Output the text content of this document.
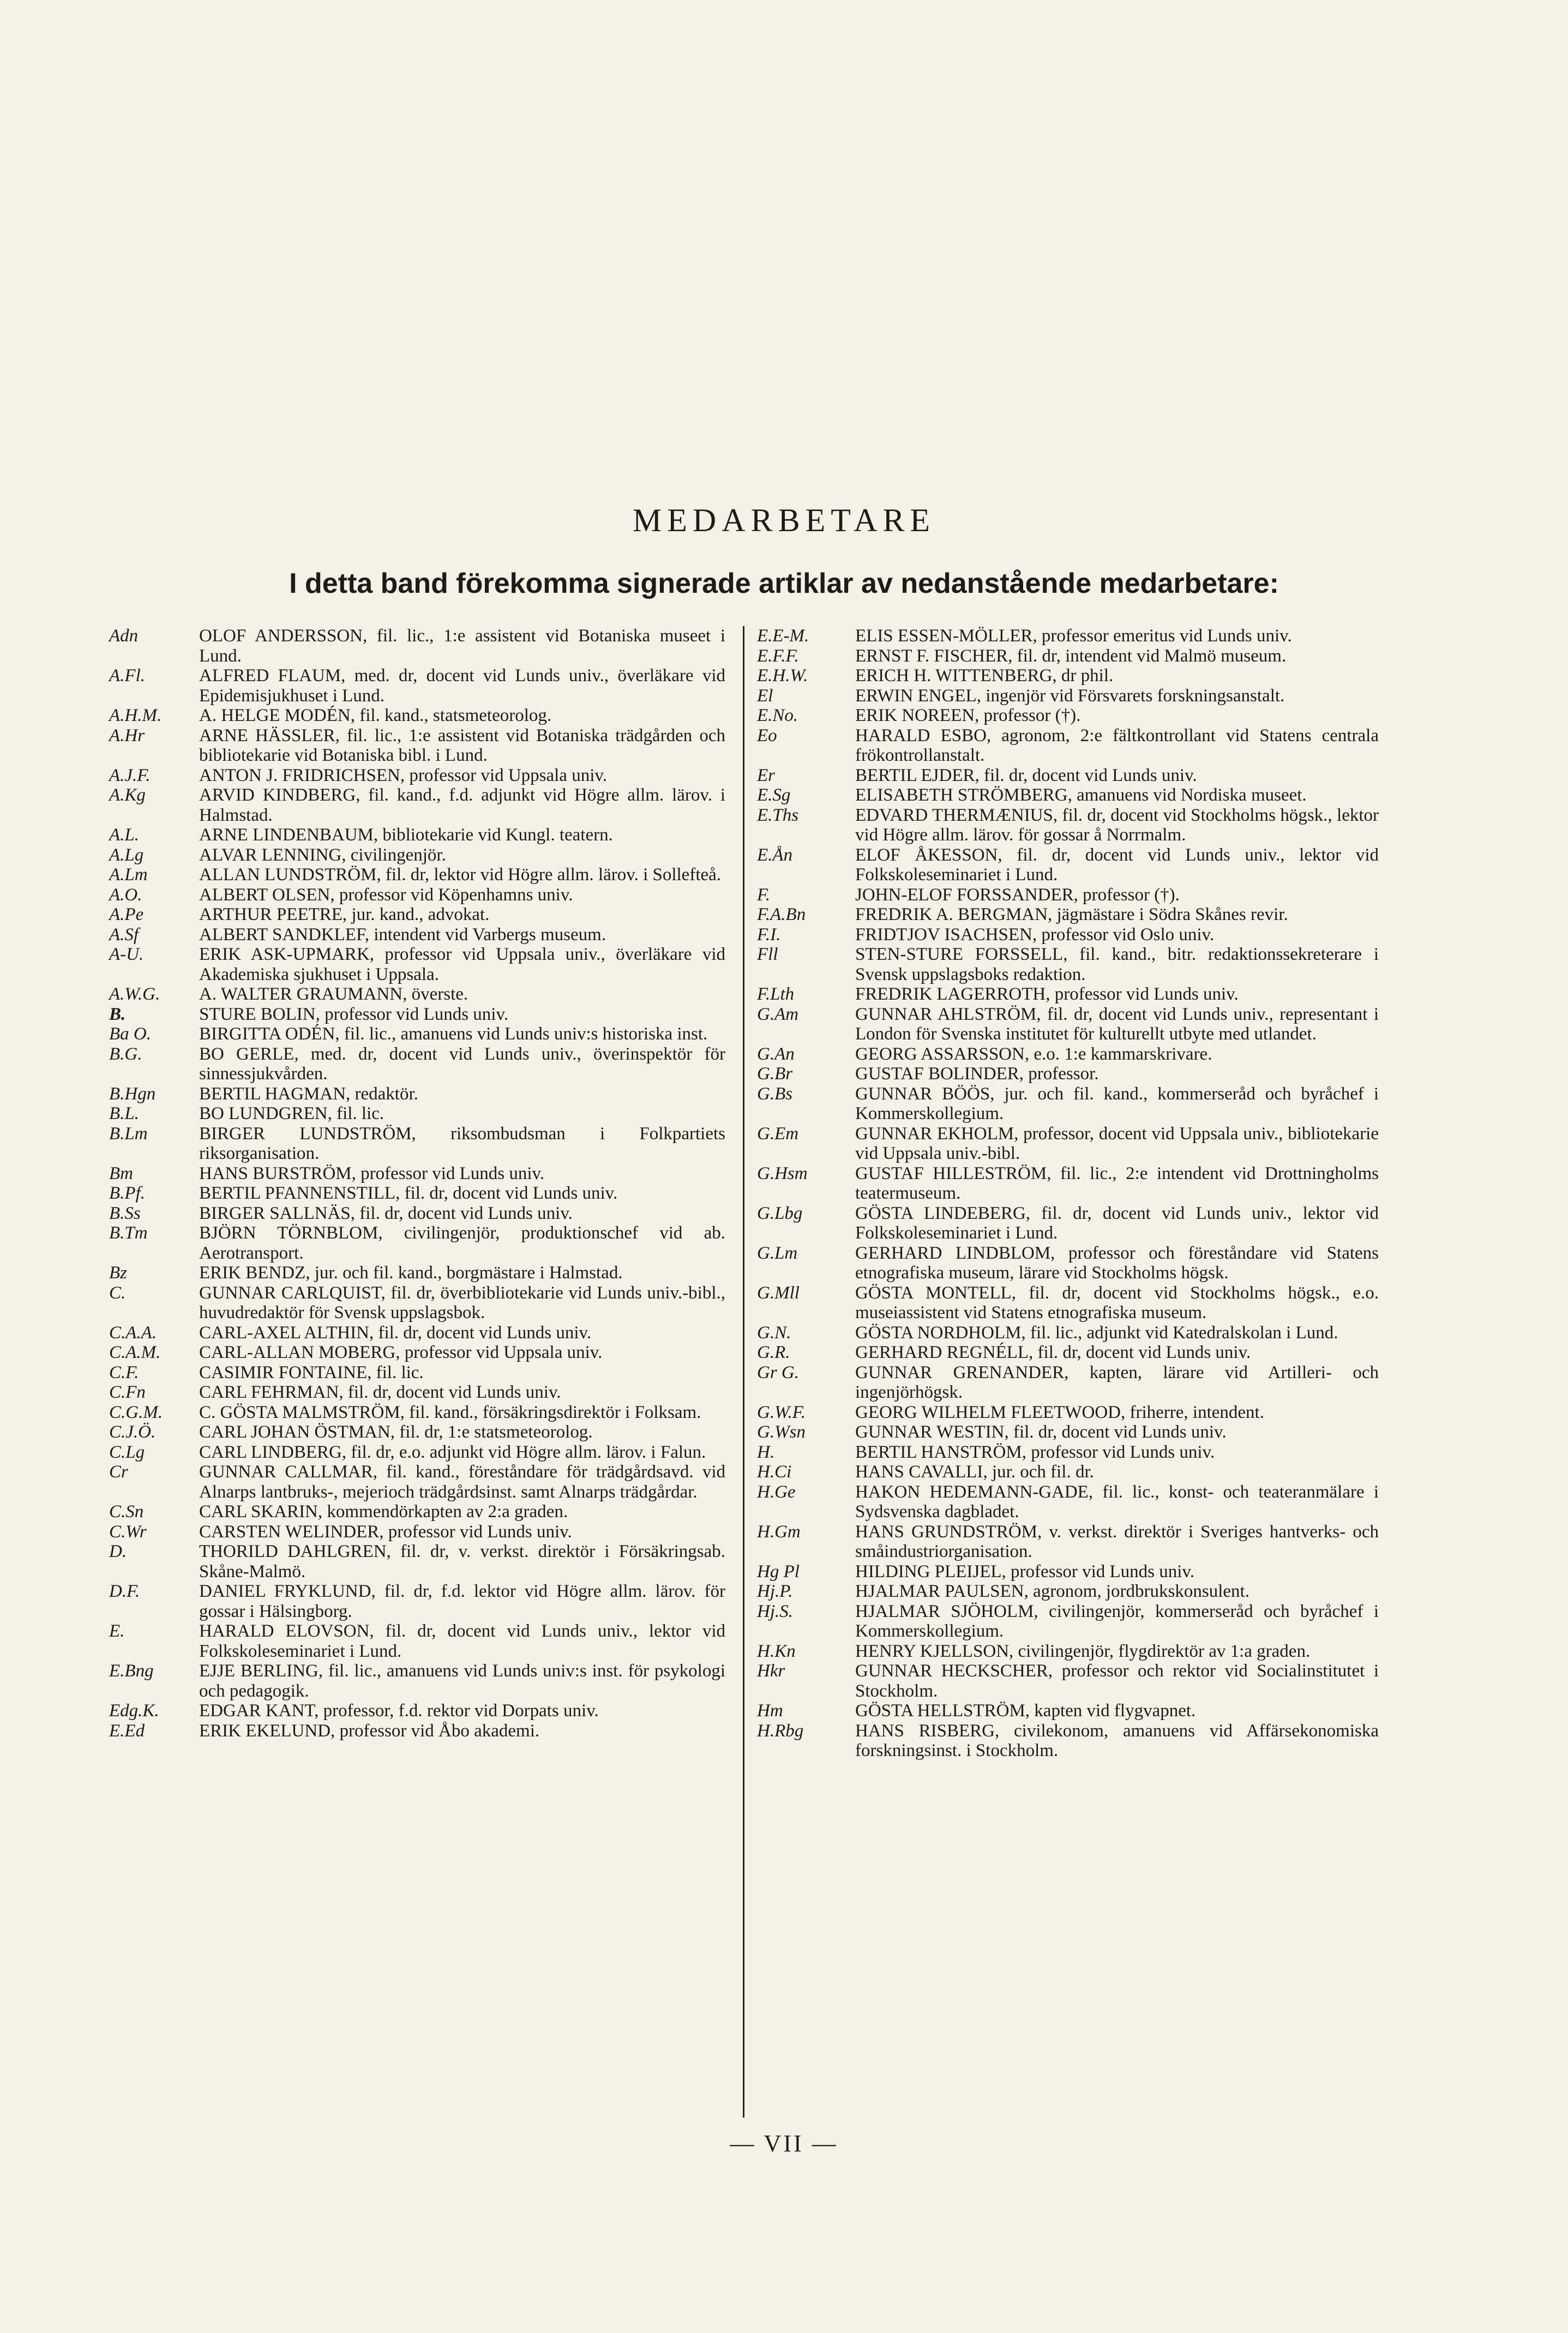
MEDARBETARE
I detta band förekomma signerade artiklar av nedanstående medarbetare:
Adn	OLOF ANDERSSON, fil. lic., 1:e assistent vid Botaniska museet i Lund.
A.Fl.	ALFRED FLAUM, med. dr, docent vid Lunds univ., överläkare vid Epidemisjukhuset i Lund.
A.H.M.	A. HELGE MODÉN, fil. kand., statsmeteorolog.
A.Hr	ARNE HÄSSLER, fil. lic., 1:e assistent vid Botaniska trädgården och bibliotekarie vid Botaniska bibl. i Lund.
A.J.F.	ANTON J. FRIDRICHSEN, professor vid Uppsala univ.
A.Kg	ARVID KINDBERG, fil. kand., f.d. adjunkt vid Högre allm. lärov. i Halmstad.
A.L.	ARNE LINDENBAUM, bibliotekarie vid Kungl. teatern.
A.Lg	ALVAR LENNING, civilingenjör.
A.Lm	ALLAN LUNDSTRÖM, fil. dr, lektor vid Högre allm. lärov. i Sollefteå.
A.O.	ALBERT OLSEN, professor vid Köpenhamns univ.
A.Pe	ARTHUR PEETRE, jur. kand., advokat.
A.Sf	ALBERT SANDKLEF, intendent vid Varbergs museum.
A-U.	ERIK ASK-UPMARK, professor vid Uppsala univ., överläkare vid Akademiska sjukhuset i Uppsala.
A.W.G.	A. WALTER GRAUMANN, överste.
B.	STURE BOLIN, professor vid Lunds univ.
Ba O.	BIRGITTA ODÉN, fil. lic., amanuens vid Lunds univ:s historiska inst.
B.G.	BO GERLE, med. dr, docent vid Lunds univ., överinspektör för sinnessjukvården.
B.Hgn	BERTIL HAGMAN, redaktör.
B.L.	BO LUNDGREN, fil. lic.
B.Lm	BIRGER LUNDSTRÖM, riksombudsman i Folkpartiets riksorganisation.
Bm	HANS BURSTRÖM, professor vid Lunds univ.
B.Pf.	BERTIL PFANNENSTILL, fil. dr, docent vid Lunds univ.
B.Ss	BIRGER SALLNÄS, fil. dr, docent vid Lunds univ.
B.Tm	BJÖRN TÖRNBLOM, civilingenjör, produktionschef vid ab. Aerotransport.
Bz	ERIK BENDZ, jur. och fil. kand., borgmästare i Halmstad.
C.	GUNNAR CARLQUIST, fil. dr, överbibliotekarie vid Lunds univ.-bibl., huvudredaktör för Svensk uppslagsbok.
C.A.A.	CARL-AXEL ALTHIN, fil. dr, docent vid Lunds univ.
C.A.M.	CARL-ALLAN MOBERG, professor vid Uppsala univ.
C.F.	CASIMIR FONTAINE, fil. lic.
C.Fn	CARL FEHRMAN, fil. dr, docent vid Lunds univ.
C.G.M.	C. GÖSTA MALMSTRÖM, fil. kand., försäkringsdirektör i Folksam.
C.J.Ö.	CARL JOHAN ÖSTMAN, fil. dr, 1:e statsmeteorolog.
C.Lg	CARL LINDBERG, fil. dr, e.o. adjunkt vid Högre allm. lärov. i Falun.
Cr	GUNNAR CALLMAR, fil. kand., föreståndare för trädgårdsavd. vid Alnarps lantbruks-, mejerioch trädgårdsinst. samt Alnarps trädgårdar.
C.Sn	CARL SKARIN, kommendörkapten av 2:a graden.
C.Wr	CARSTEN WELINDER, professor vid Lunds univ.
D.	THORILD DAHLGREN, fil. dr, v. verkst. direktör i Försäkringsab. Skåne-Malmö.
D.F.	DANIEL FRYKLUND, fil. dr, f.d. lektor vid Högre allm. lärov. för gossar i Hälsingborg.
E.	HARALD ELOVSON, fil. dr, docent vid Lunds univ., lektor vid Folkskoleseminariet i Lund.
E.Bng	EJJE BERLING, fil. lic., amanuens vid Lunds univ:s inst. för psykologi och pedagogik.
Edg.K.	EDGAR KANT, professor, f.d. rektor vid Dorpats univ.
E.Ed	ERIK EKELUND, professor vid Åbo akademi.
E.E-M.	ELIS ESSEN-MÖLLER, professor emeritus vid Lunds univ.
E.F.F.	ERNST F. FISCHER, fil. dr, intendent vid Malmö museum.
E.H.W.	ERICH H. WITTENBERG, dr phil.
El	ERWIN ENGEL, ingenjör vid Försvarets forskningsanstalt.
E.No.	ERIK NOREEN, professor (†).
Eo	HARALD ESBO, agronom, 2:e fältkontrollant vid Statens centrala frökontrollanstalt.
Er	BERTIL EJDER, fil. dr, docent vid Lunds univ.
E.Sg	ELISABETH STRÖMBERG, amanuens vid Nordiska museet.
E.Ths	EDVARD THERMÆNIUS, fil. dr, docent vid Stockholms högsk., lektor vid Högre allm. lärov. för gossar å Norrmalm.
E.Ån	ELOF ÅKESSON, fil. dr, docent vid Lunds univ., lektor vid Folkskoleseminariet i Lund.
F.	JOHN-ELOF FORSSANDER, professor (†).
F.A.Bn	FREDRIK A. BERGMAN, jägmästare i Södra Skånes revir.
F.I.	FRIDTJOV ISACHSEN, professor vid Oslo univ.
Fll	STEN-STURE FORSSELL, fil. kand., bitr. redaktionssekreterare i Svensk uppslagsboks redaktion.
F.Lth	FREDRIK LAGERROTH, professor vid Lunds univ.
G.Am	GUNNAR AHLSTRÖM, fil. dr, docent vid Lunds univ., representant i London för Svenska institutet för kulturellt utbyte med utlandet.
G.An	GEORG ASSARSSON, e.o. 1:e kammarskrivare.
G.Br	GUSTAF BOLINDER, professor.
G.Bs	GUNNAR BÖÖS, jur. och fil. kand., kommerseråd och byråchef i Kommerskollegium.
G.Em	GUNNAR EKHOLM, professor, docent vid Uppsala univ., bibliotekarie vid Uppsala univ.-bibl.
G.Hsm	GUSTAF HILLESTRÖM, fil. lic., 2:e intendent vid Drottningholms teatermuseum.
G.Lbg	GÖSTA LINDEBERG, fil. dr, docent vid Lunds univ., lektor vid Folkskoleseminariet i Lund.
G.Lm	GERHARD LINDBLOM, professor och föreståndare vid Statens etnografiska museum, lärare vid Stockholms högsk.
G.Mll	GÖSTA MONTELL, fil. dr, docent vid Stockholms högsk., e.o. museiassistent vid Statens etnografiska museum.
G.N.	GÖSTA NORDHOLM, fil. lic., adjunkt vid Katedralskolan i Lund.
G.R.	GERHARD REGNÉLL, fil. dr, docent vid Lunds univ.
Gr G.	GUNNAR GRENANDER, kapten, lärare vid Artilleri- och ingenjörhögsk.
G.W.F.	GEORG WILHELM FLEETWOOD, friherre, intendent.
G.Wsn	GUNNAR WESTIN, fil. dr, docent vid Lunds univ.
H.	BERTIL HANSTRÖM, professor vid Lunds univ.
H.Ci	HANS CAVALLI, jur. och fil. dr.
H.Ge	HAKON HEDEMANN-GADE, fil. lic., konst- och teateranmälare i Sydsvenska dagbladet.
H.Gm	HANS GRUNDSTRÖM, v. verkst. direktör i Sveriges hantverks- och småindustriorganisation.
Hg Pl	HILDING PLEIJEL, professor vid Lunds univ.
Hj.P.	HJALMAR PAULSEN, agronom, jordbrukskonsulent.
Hj.S.	HJALMAR SJÖHOLM, civilingenjör, kommerseråd och byråchef i Kommerskollegium.
H.Kn	HENRY KJELLSON, civilingenjör, flygdirektör av 1:a graden.
Hkr	GUNNAR HECKSCHER, professor och rektor vid Socialinstitutet i Stockholm.
Hm	GÖSTA HELLSTRÖM, kapten vid flygvapnet.
H.Rbg	HANS RISBERG, civilekonom, amanuens vid Affärsekonomiska forskningsinst. i Stockholm.
— VII —
